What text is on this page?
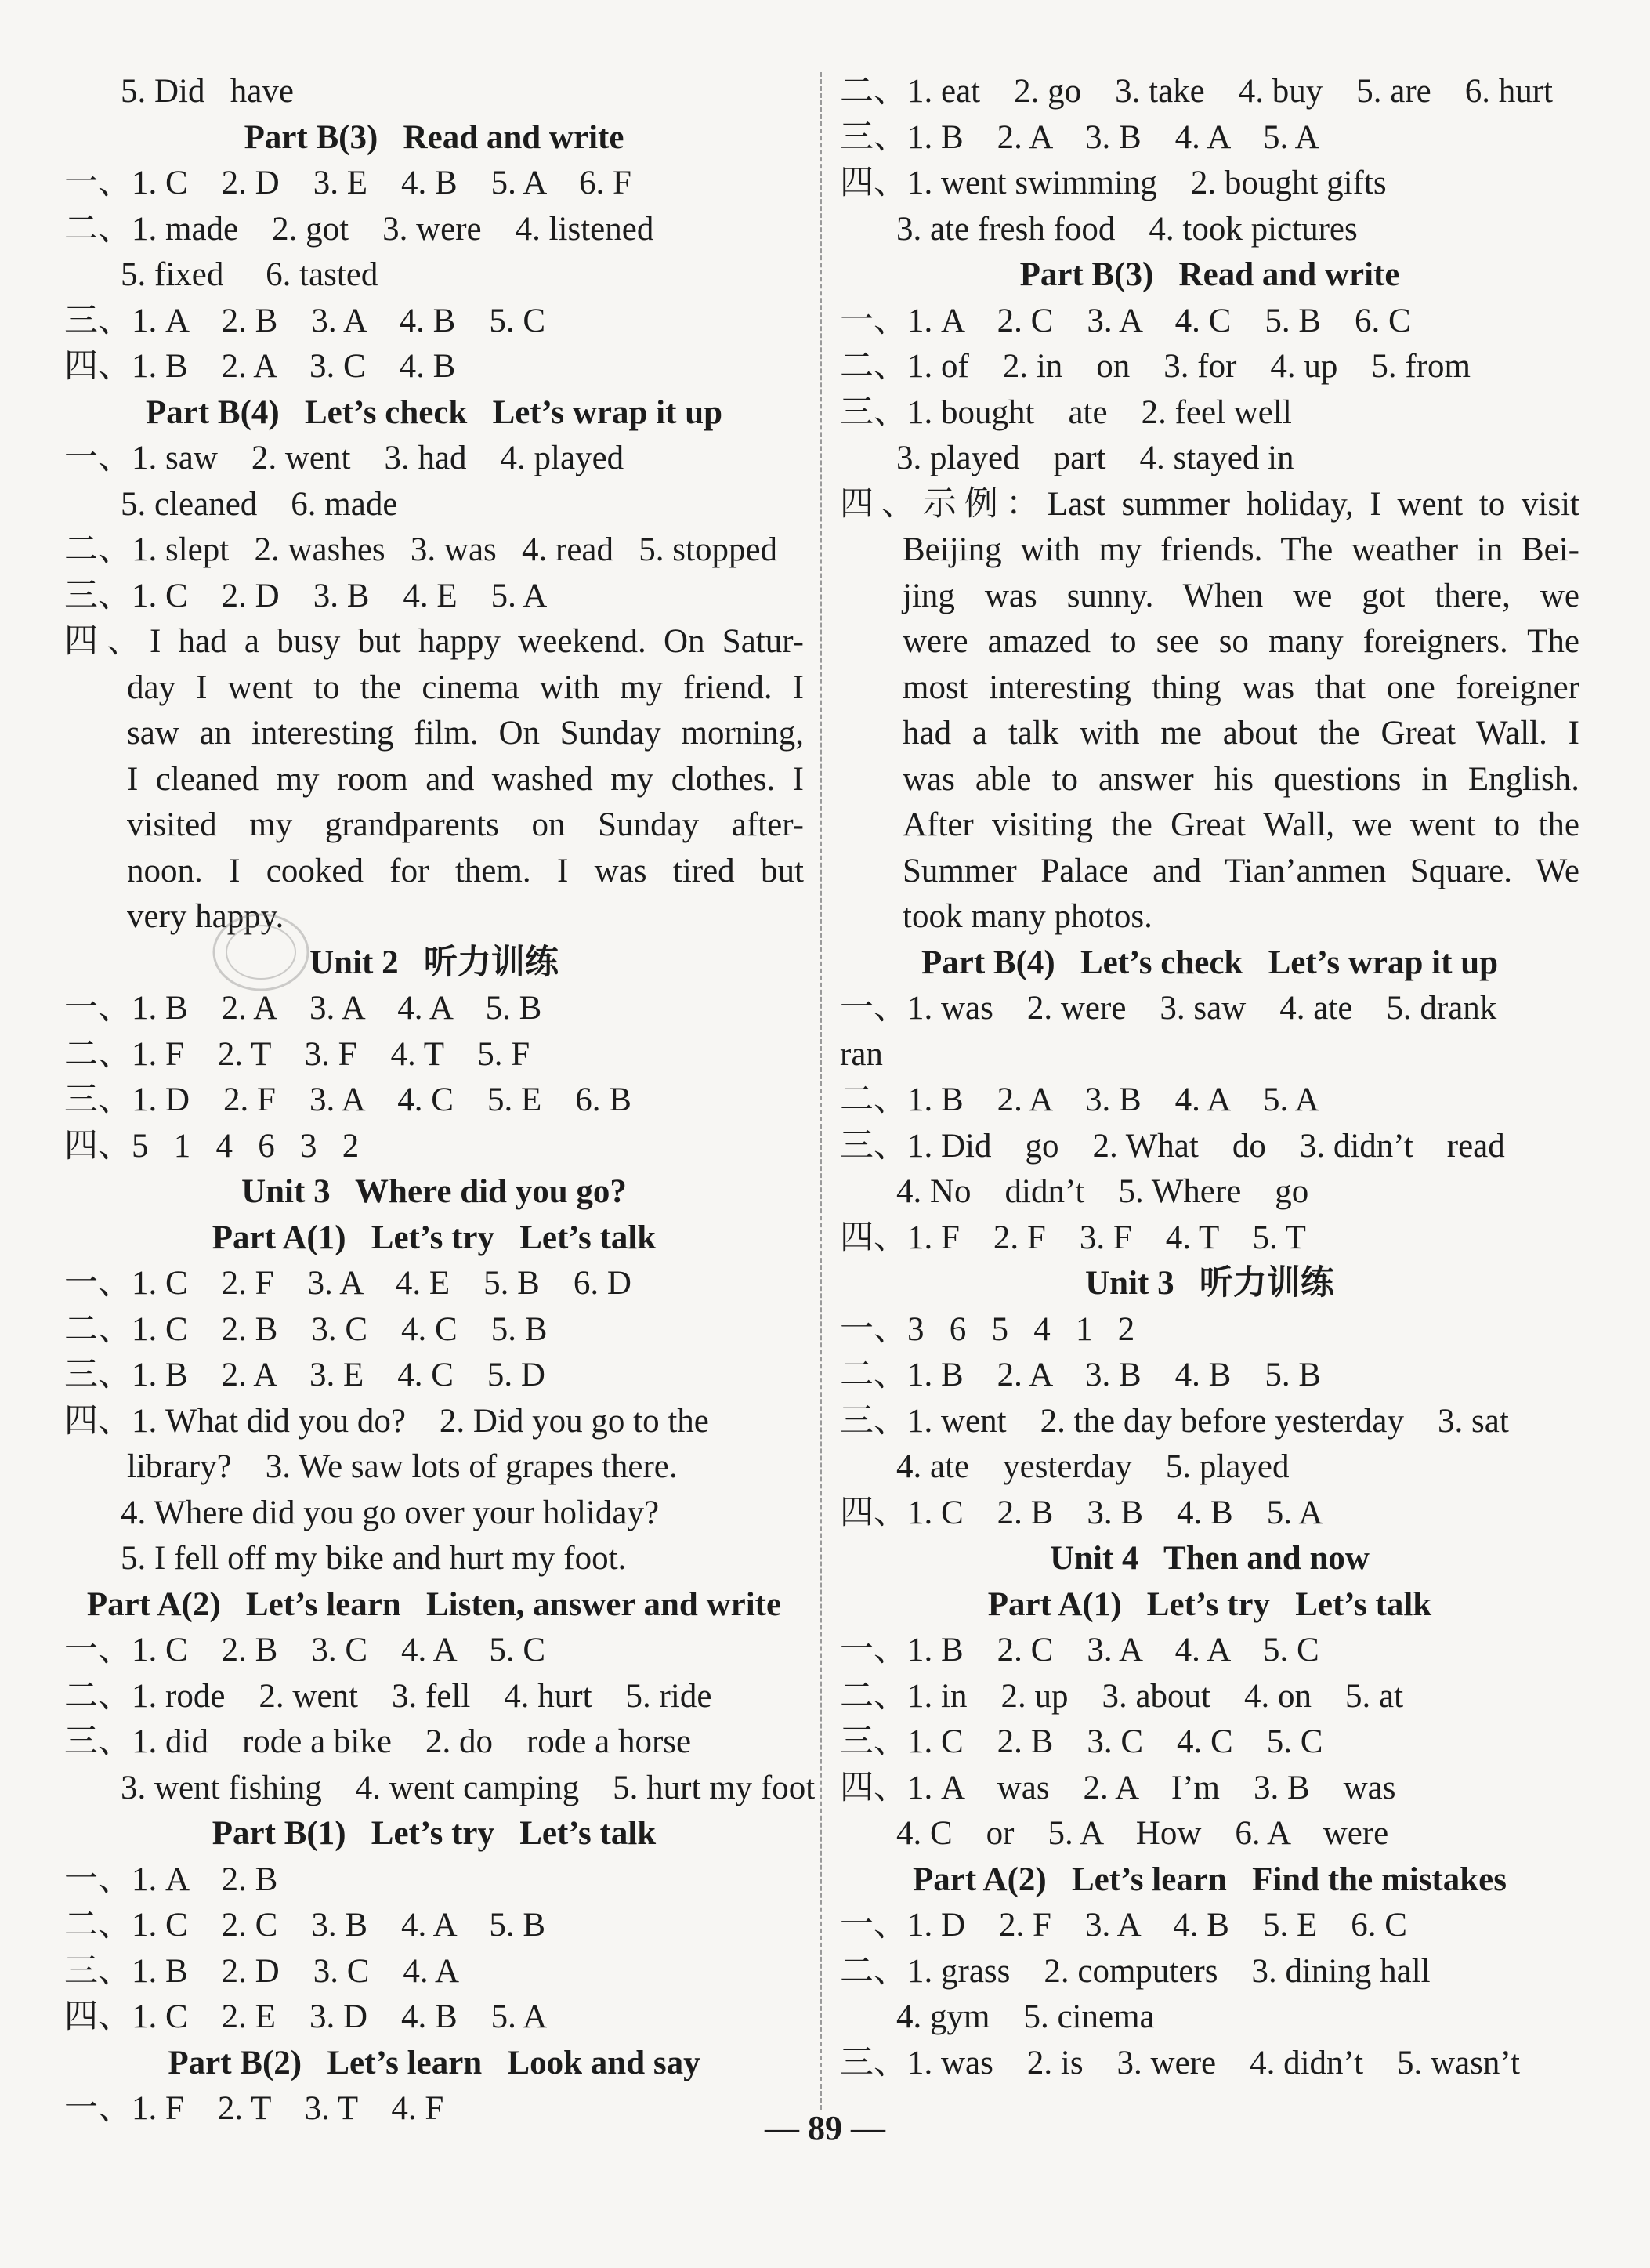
5. Did   have
Part B(3)   Read and write
一、1. C    2. D    3. E    4. B    5. A    6. F
二、1. made    2. got    3. were    4. listened
5. fixed     6. tasted
三、1. A    2. B    3. A    4. B    5. C
四、1. B    2. A    3. C    4. B
Part B(4)   Let’s check   Let’s wrap it up
一、1. saw    2. went    3. had    4. played
5. cleaned    6. made
二、1. slept   2. washes   3. was   4. read   5. stopped
三、1. C    2. D    3. B    4. E    5. A
四、I had a busy but happy weekend. On Satur-
day I went to the cinema with my friend. I
saw an interesting film. On Sunday morning,
I cleaned my room and washed my clothes. I
visited my grandparents on Sunday after-
noon. I cooked for them. I was tired but
very happy.
Unit 2   听力训练
一、1. B    2. A    3. A    4. A    5. B
二、1. F    2. T    3. F    4. T    5. F
三、1. D    2. F    3. A    4. C    5. E    6. B
四、5   1   4   6   3   2
Unit 3   Where did you go?
Part A(1)   Let’s try   Let’s talk
一、1. C    2. F    3. A    4. E    5. B    6. D
二、1. C    2. B    3. C    4. C    5. B
三、1. B    2. A    3. E    4. C    5. D
四、1. What did you do?    2. Did you go to the
library?    3. We saw lots of grapes there.
4. Where did you go over your holiday?
5. I fell off my bike and hurt my foot.
Part A(2)   Let’s learn   Listen, answer and write
一、1. C    2. B    3. C    4. A    5. C
二、1. rode    2. went    3. fell    4. hurt    5. ride
三、1. did    rode a bike    2. do    rode a horse
3. went fishing    4. went camping    5. hurt my foot
Part B(1)   Let’s try   Let’s talk
一、1. A    2. B
二、1. C    2. C    3. B    4. A    5. B
三、1. B    2. D    3. C    4. A
四、1. C    2. E    3. D    4. B    5. A
Part B(2)   Let’s learn   Look and say
一、1. F    2. T    3. T    4. F
二、1. eat    2. go    3. take    4. buy    5. are    6. hurt
三、1. B    2. A    3. B    4. A    5. A
四、1. went swimming    2. bought gifts
3. ate fresh food    4. took pictures
Part B(3)   Read and write
一、1. A    2. C    3. A    4. C    5. B    6. C
二、1. of    2. in    on    3. for    4. up    5. from
三、1. bought    ate    2. feel well
3. played    part    4. stayed in
四、示例：Last summer holiday, I went to visit
Beijing with my friends. The weather in Bei-
jing was sunny. When we got there, we
were amazed to see so many foreigners. The
most interesting thing was that one foreigner
had a talk with me about the Great Wall. I
was able to answer his questions in English.
After visiting the Great Wall, we went to the
Summer Palace and Tian’anmen Square. We
took many photos.
Part B(4)   Let’s check   Let’s wrap it up
一、1. was    2. were    3. saw    4. ate    5. drank
ran
二、1. B    2. A    3. B    4. A    5. A
三、1. Did    go    2. What    do    3. didn’t    read
4. No    didn’t    5. Where    go
四、1. F    2. F    3. F    4. T    5. T
Unit 3   听力训练
一、3   6   5   4   1   2
二、1. B    2. A    3. B    4. B    5. B
三、1. went    2. the day before yesterday    3. sat
4. ate    yesterday    5. played
四、1. C    2. B    3. B    4. B    5. A
Unit 4   Then and now
Part A(1)   Let’s try   Let’s talk
一、1. B    2. C    3. A    4. A    5. C
二、1. in    2. up    3. about    4. on    5. at
三、1. C    2. B    3. C    4. C    5. C
四、1. A    was    2. A    I’m    3. B    was
4. C    or    5. A    How    6. A    were
Part A(2)   Let’s learn   Find the mistakes
一、1. D    2. F    3. A    4. B    5. E    6. C
二、1. grass    2. computers    3. dining hall
4. gym    5. cinema
三、1. was    2. is    3. were    4. didn’t    5. wasn’t
— 89 —
